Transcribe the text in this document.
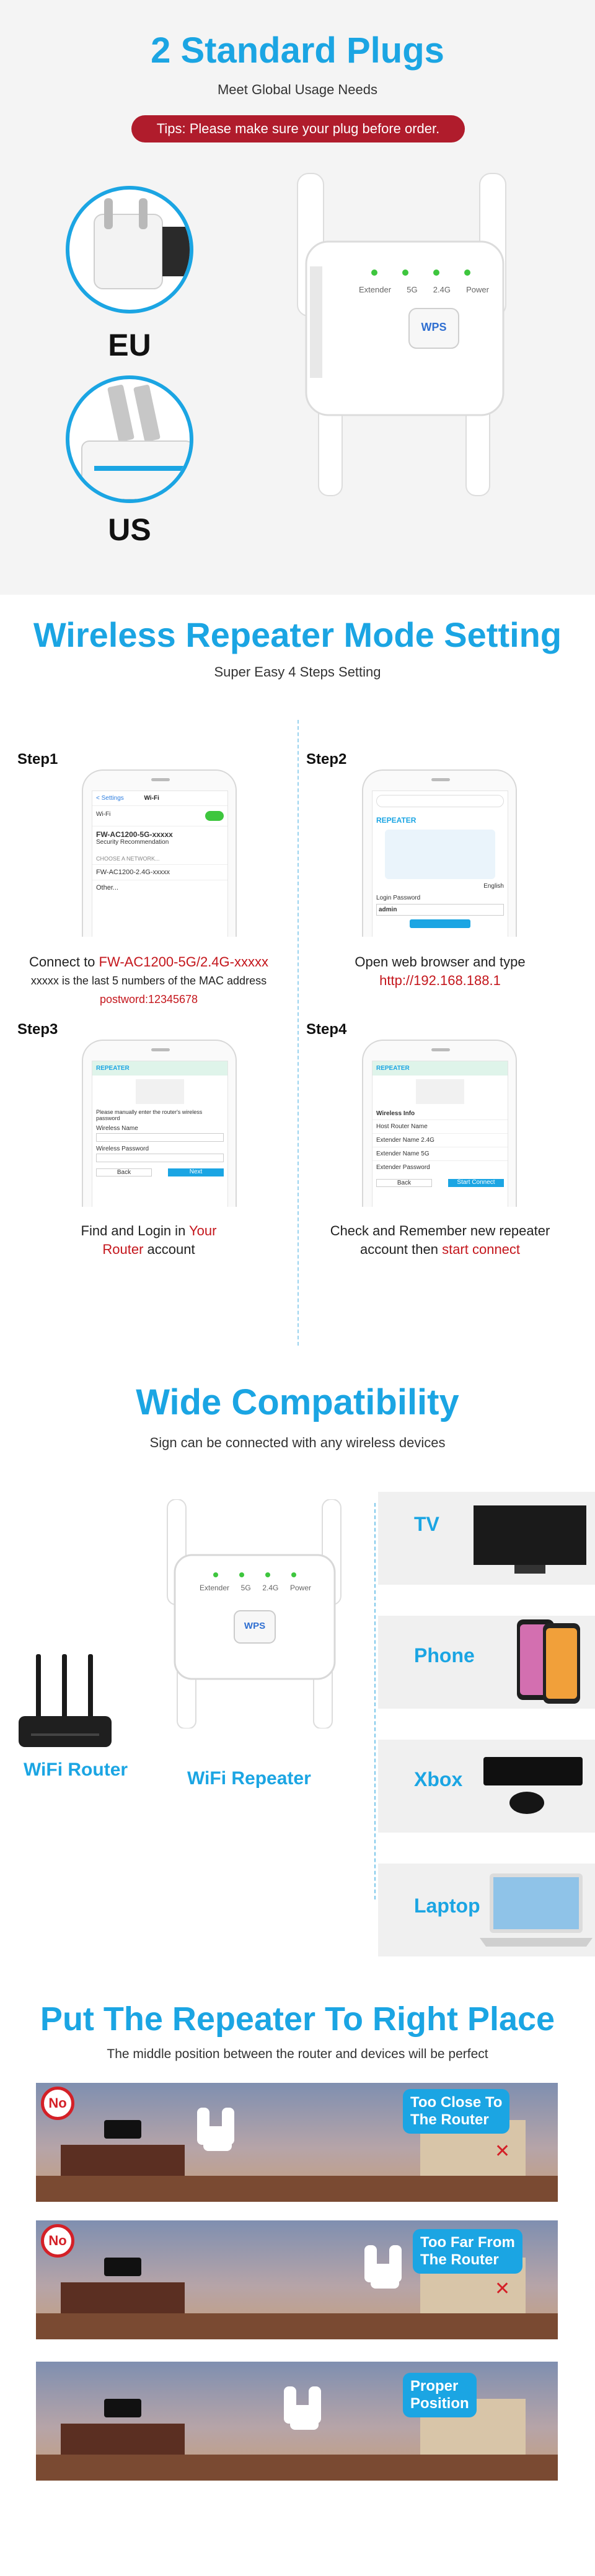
2 Standard Plugs
Meet Global Usage Needs
Tips: Please make sure your plug before order.
EU
US
Extender 5G 2.4G Power
WPS
Wireless Repeater Mode Setting
Super Easy 4 Steps Setting
Step1
< Settings	Wi-Fi
Wi-Fi
FW-AC1200-5G-xxxxx
Security Recommendation
CHOOSE A NETWORK...
FW-AC1200-2.4G-xxxxx
Other...
Connect to FW-AC1200-5G/2.4G-xxxxx
xxxxx is the last 5 numbers of the MAC address
postword:12345678
Step2
REPEATER
English
Login Password
admin
Open web browser and type
http://192.168.188.1
Step3
REPEATER
Please manually enter the router's wireless password
Wireless Name
Wireless Password
Back	Next
Find and Login in Your
Router account
Step4
REPEATER
Wireless Info
Host Router Name
Extender Name 2.4G
Extender Name 5G
Extender Password
Back	Start Connect
Check and Remember new repeater
account then start connect
Wide Compatibility
Sign can be connected with any wireless devices
WiFi Router
Extender 5G 2.4G Power
WPS
WiFi Repeater
TV
Phone
Xbox
Laptop
Put The Repeater To Right Place
The middle position between the router and devices will be perfect
No
✕
Too Close To
The Router
No
✕
Too Far From
The Router
Proper
Position
